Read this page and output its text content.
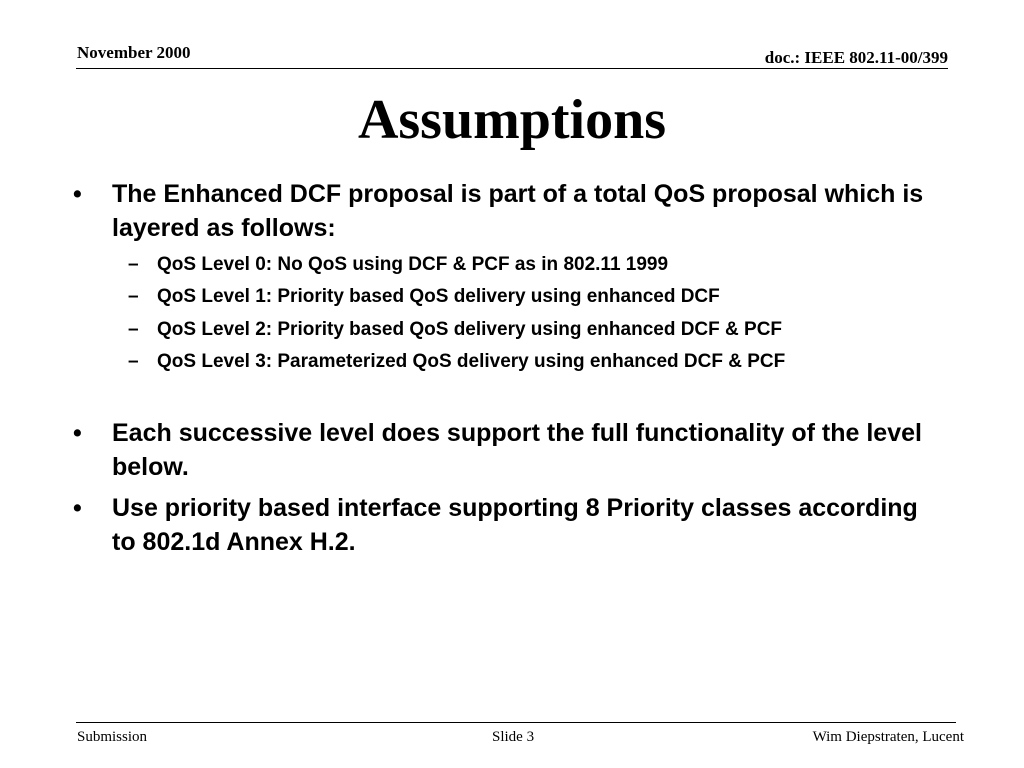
November 2000	doc.: IEEE 802.11-00/399
Assumptions
• The Enhanced DCF proposal is part of a total QoS proposal which is layered as follows:
– QoS Level 0: No QoS using DCF & PCF as in 802.11 1999
– QoS Level 1: Priority based QoS delivery using enhanced DCF
– QoS Level 2: Priority based QoS delivery using enhanced DCF & PCF
– QoS Level 3: Parameterized QoS delivery using enhanced DCF & PCF
• Each successive level does support the full functionality of the level below.
• Use priority based interface supporting 8 Priority classes according to 802.1d Annex H.2.
Submission	Slide 3	Wim Diepstraten, Lucent
